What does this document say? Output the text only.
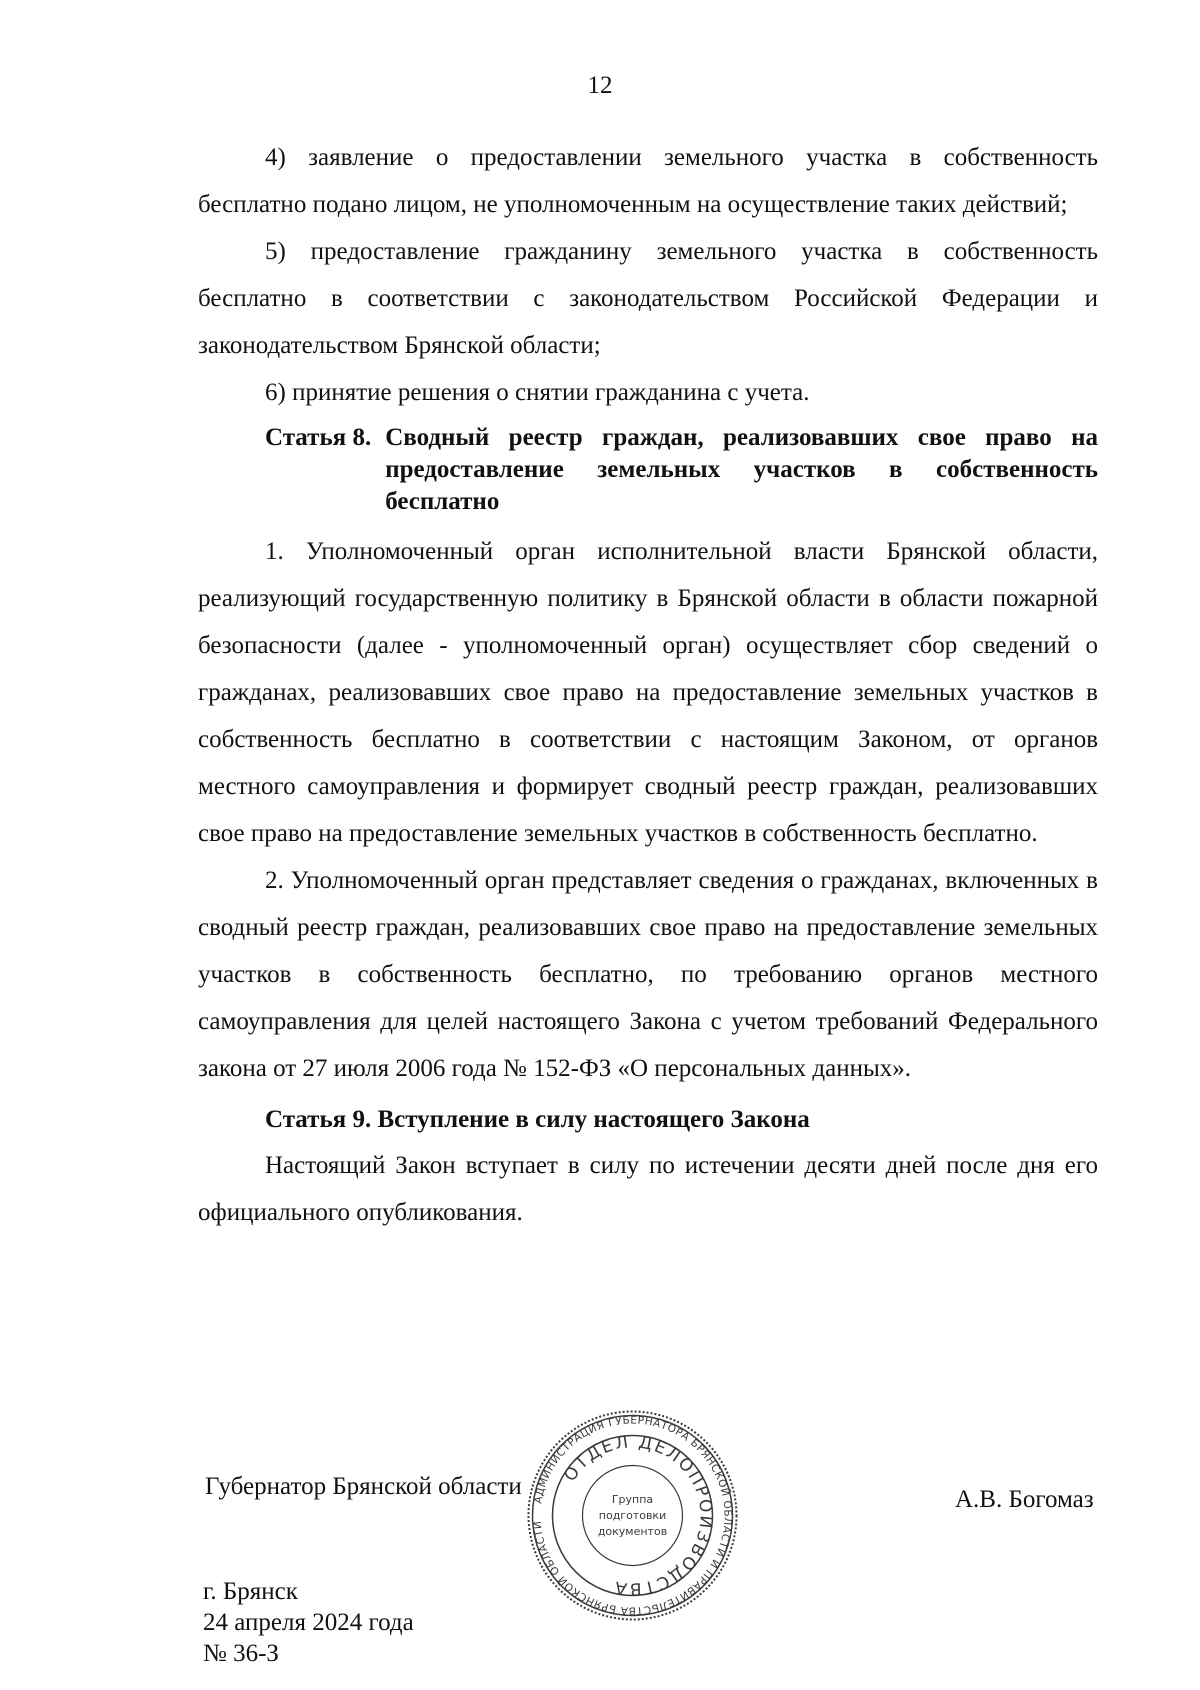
12

4) заявление о предоставлении земельного участка в собственность бесплатно подано лицом, не уполномоченным на осуществление таких действий;

5) предоставление гражданину земельного участка в собственность бесплатно в соответствии с законодательством Российской Федерации и законодательством Брянской области;

6) принятие решения о снятии гражданина с учета.

Статья 8. Сводный реестр граждан, реализовавших свое право на предоставление земельных участков в собственность бесплатно

1. Уполномоченный орган исполнительной власти Брянской области, реализующий государственную политику в Брянской области в области пожарной безопасности (далее - уполномоченный орган) осуществляет сбор сведений о гражданах, реализовавших свое право на предоставление земельных участков в собственность бесплатно в соответствии с настоящим Законом, от органов местного самоуправления и формирует сводный реестр граждан, реализовавших свое право на предоставление земельных участков в собственность бесплатно.

2. Уполномоченный орган представляет сведения о гражданах, включенных в сводный реестр граждан, реализовавших свое право на предоставление земельных участков в собственность бесплатно, по требованию органов местного самоуправления для целей настоящего Закона с учетом требований Федерального закона от 27 июля 2006 года № 152-ФЗ «О персональных данных».

Статья 9. Вступление в силу настоящего Закона

Настоящий Закон вступает в силу по истечении десяти дней после дня его официального опубликования.

Губернатор Брянской области	А.В. Богомаз
г. Брянск
24 апреля 2024 года
№ 36-З
АДМИНИСТРАЦИЯ ГУБЕРНАТОРА БРЯНСКОЙ ОБЛАСТИ И ПРАВИТЕЛЬСТВА БРЯНСКОЙ ОБЛАСТИ
ОТДЕЛ ДЕЛОПРОИЗВОДСТВА
Группа
подготовки
документов
